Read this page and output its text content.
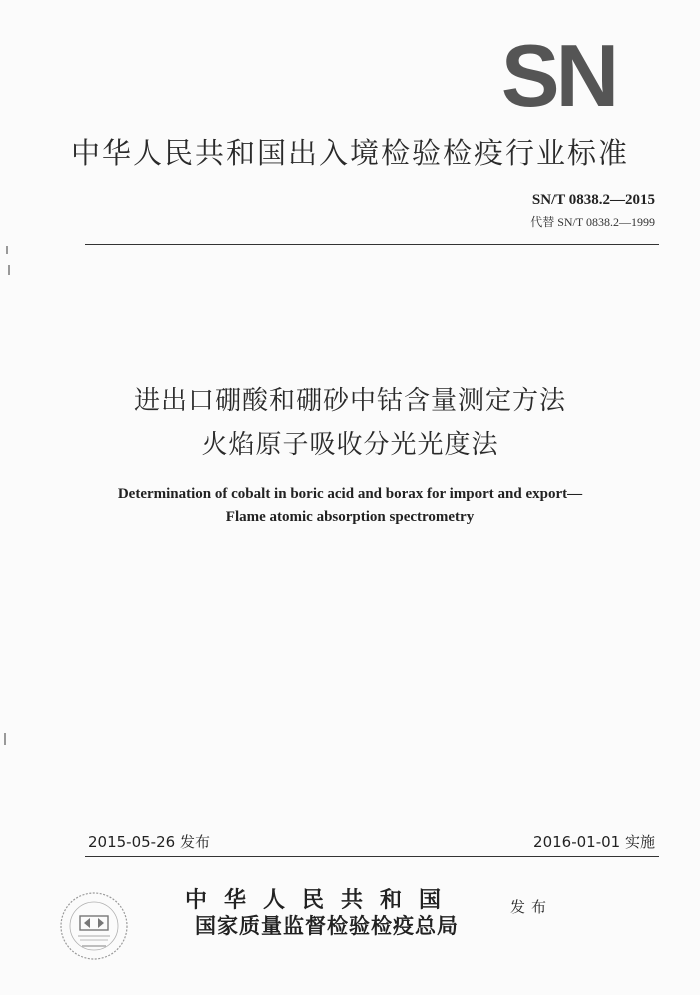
SN
中华人民共和国出入境检验检疫行业标准
SN/T 0838.2—2015
代替 SN/T 0838.2—1999
进出口硼酸和硼砂中钴含量测定方法
火焰原子吸收分光光度法
Determination of cobalt in boric acid and borax for import and export—
Flame atomic absorption spectrometry
2015-05-26 发布	2016-01-01 实施
中华人民共和国
国家质量监督检验检疫总局
发布
